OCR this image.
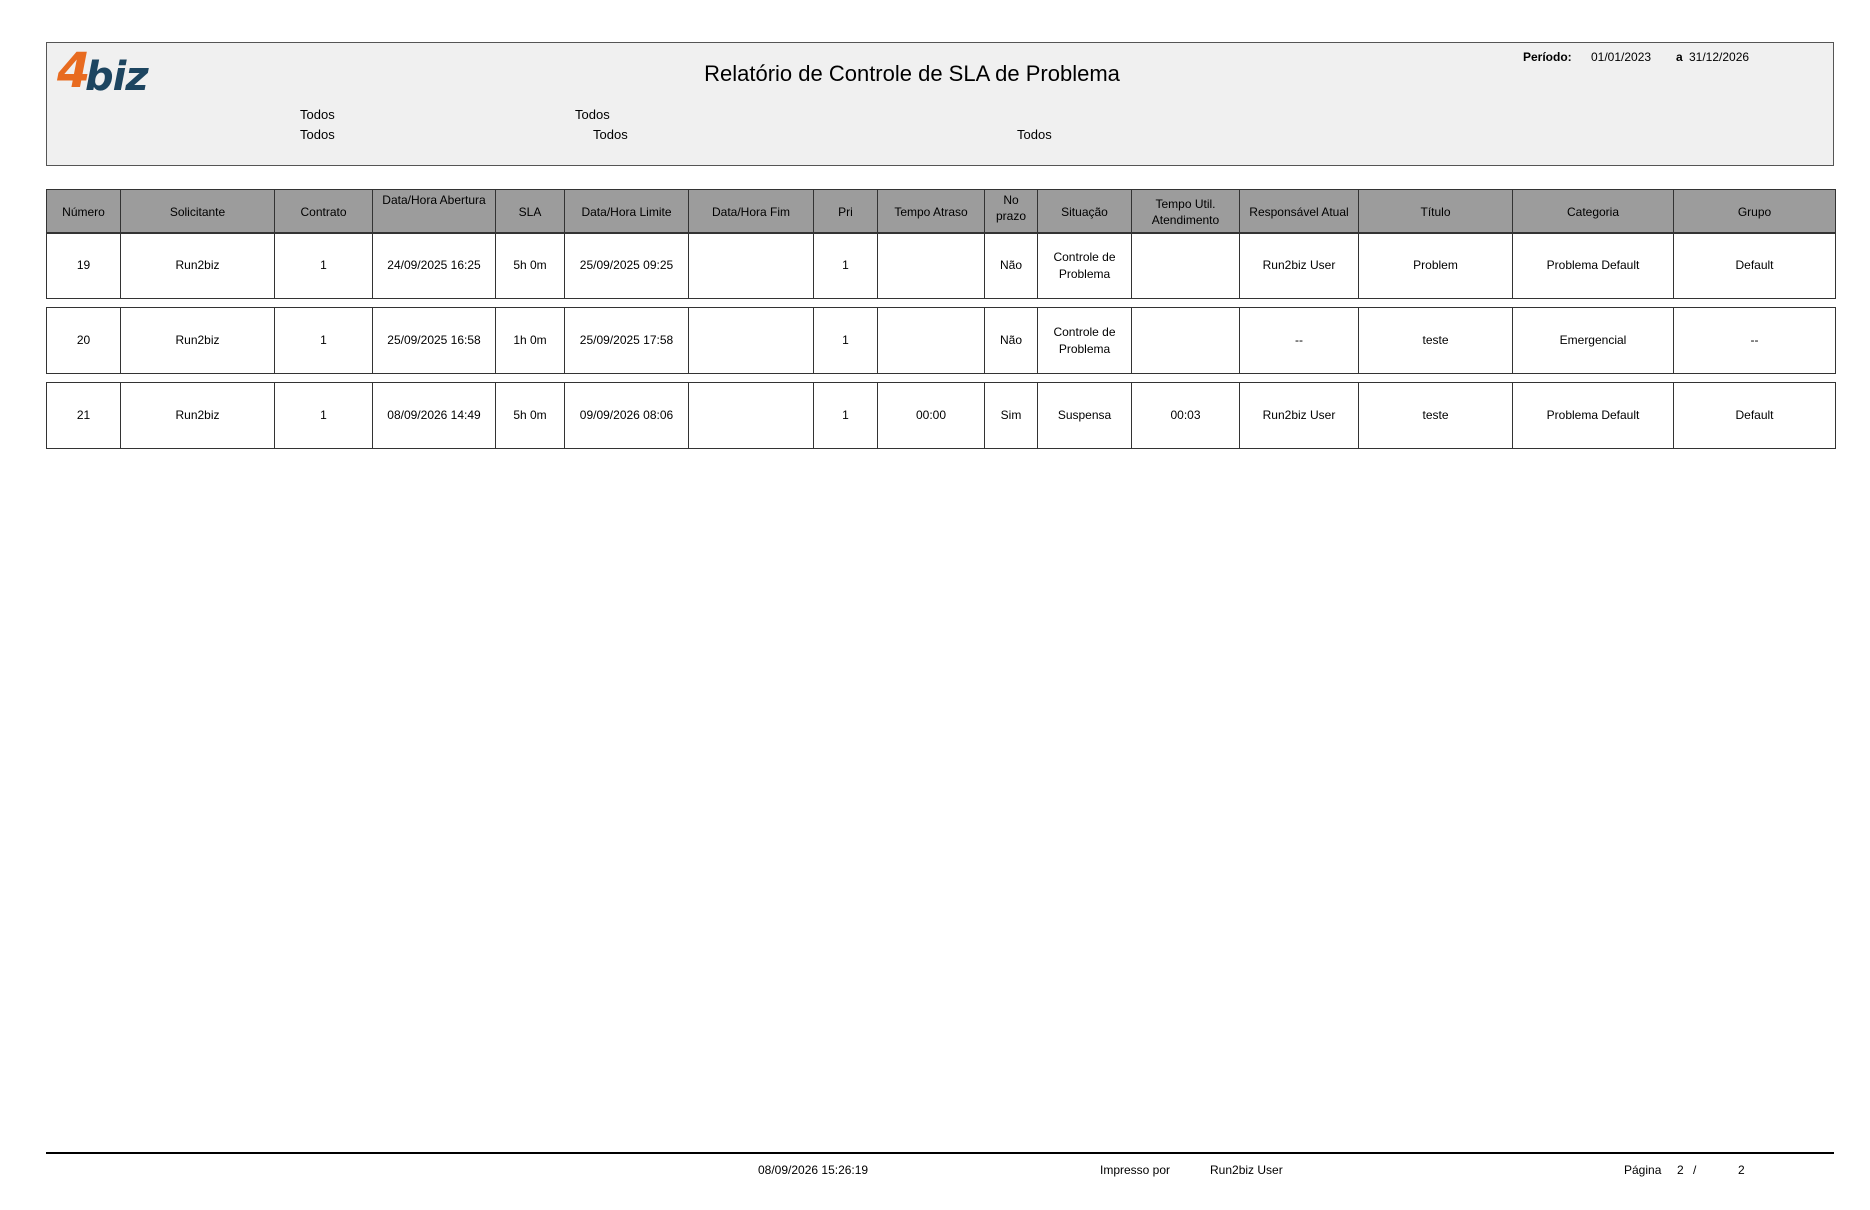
4
biz	Relatório de Controle de SLA de Problema
Período: 01/01/2023 a 31/12/2026
Todos	Todos
Todos	Todos	Todos
Número	Solicitante	Contrato	Data/Hora Abertura	SLA	Data/Hora Limite	Data/Hora Fim	Pri	Tempo Atraso	No prazo	Situação	Tempo Util. Atendimento	Responsável Atual	Título	Categoria	Grupo
19	Run2biz	1	24/09/2025 16:25	5h 0m	25/09/2025 09:25		1		Não	Controle de Problema		Run2biz User	Problem	Problema Default	Default
20	Run2biz	1	25/09/2025 16:58	1h 0m	25/09/2025 17:58		1		Não	Controle de Problema		--	teste	Emergencial	--
21	Run2biz	1	08/09/2026 14:49	5h 0m	09/09/2026 08:06		1	00:00	Sim	Suspensa	00:03	Run2biz User	teste	Problema Default	Default
08/09/2026 15:26:19	Impresso por	Run2biz User	Página 2 /	2
